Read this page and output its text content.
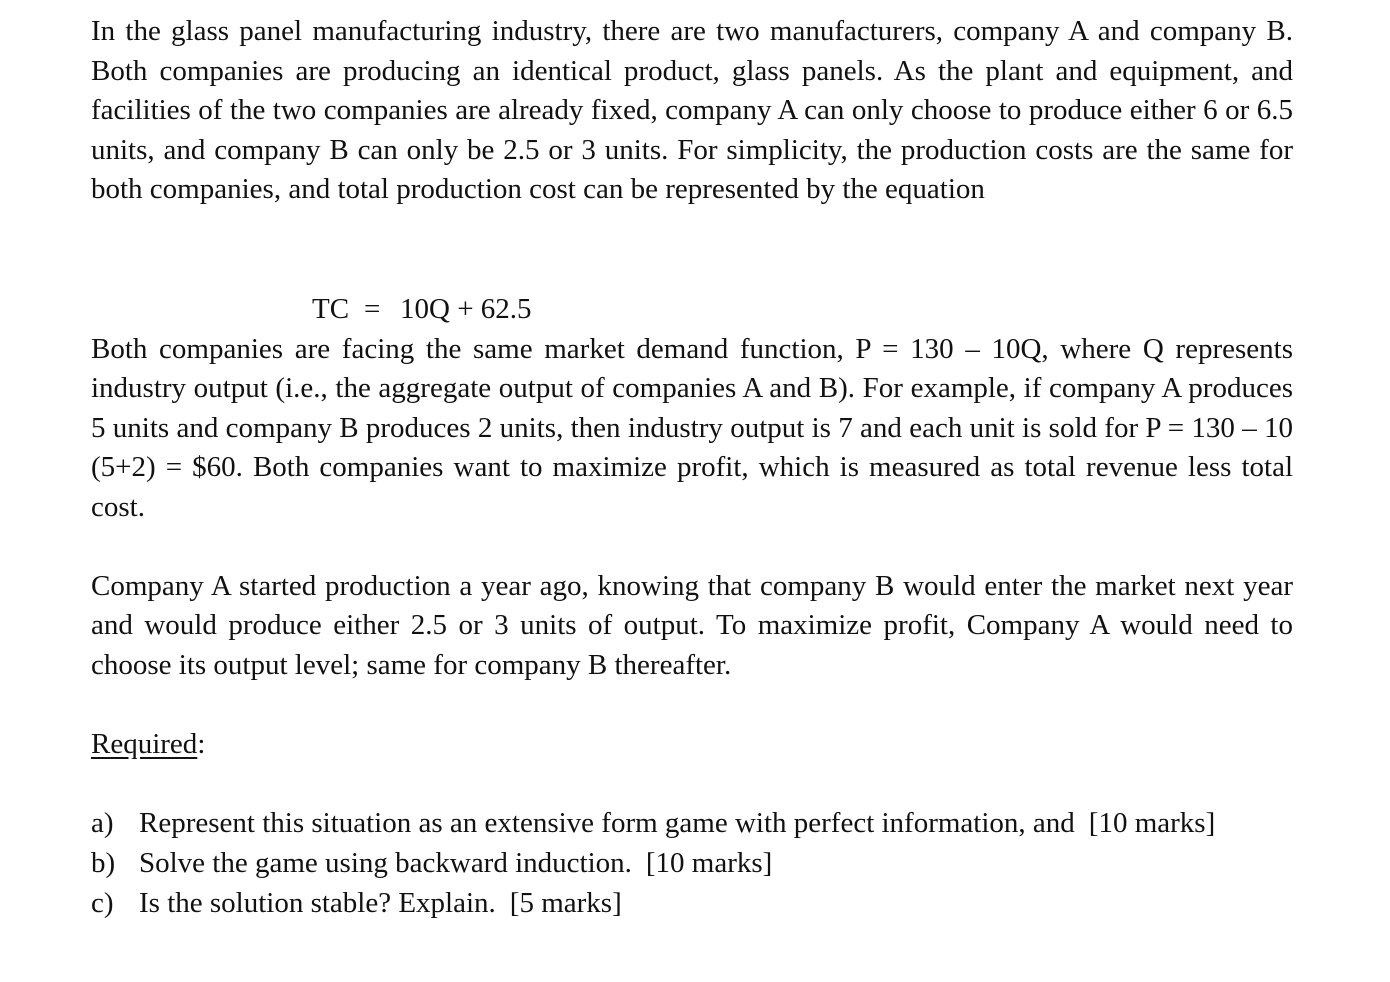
In the glass panel manufacturing industry, there are two manufacturers, company A and company B. Both companies are producing an identical product, glass panels. As the plant and equipment, and facilities of the two companies are already fixed, company A can only choose to produce either 6 or 6.5 units, and company B can only be 2.5 or 3 units. For simplicity, the production costs are the same for both companies, and total production cost can be represented by the equation

TC = 10Q + 62.5

Both companies are facing the same market demand function, P = 130 – 10Q, where Q represents industry output (i.e., the aggregate output of companies A and B). For example, if company A produces 5 units and company B produces 2 units, then industry output is 7 and each unit is sold for P = 130 – 10 (5+2) = $60. Both companies want to maximize profit, which is measured as total revenue less total cost.

Company A started production a year ago, knowing that company B would enter the market next year and would produce either 2.5 or 3 units of output. To maximize profit, Company A would need to choose its output level; same for company B thereafter.

Required:
a) Represent this situation as an extensive form game with perfect information, and [10 marks]
b) Solve the game using backward induction. [10 marks]
c) Is the solution stable? Explain. [5 marks]
